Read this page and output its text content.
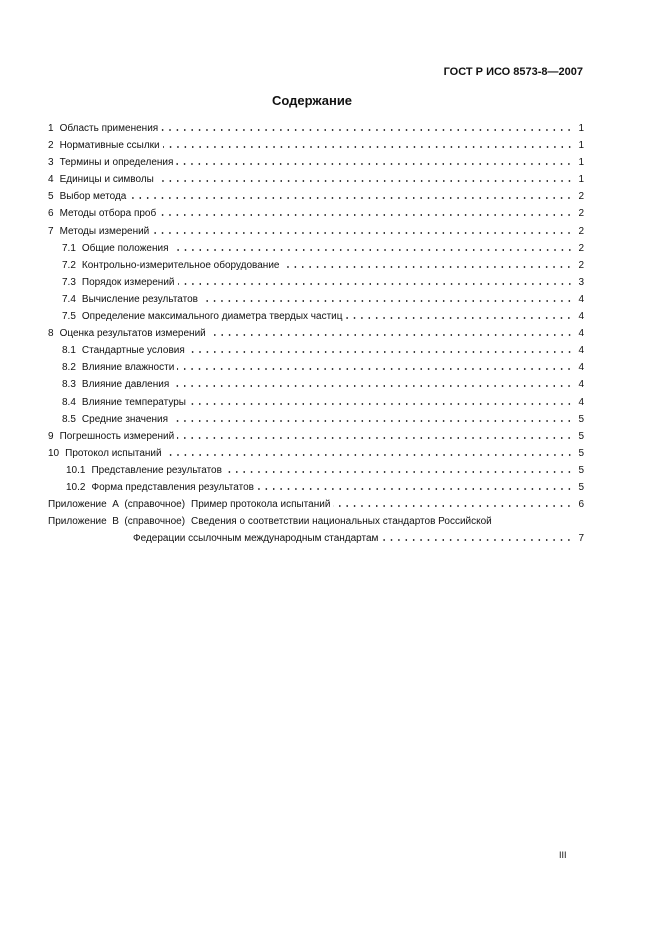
ГОСТ Р ИСО 8573-8—2007
Содержание
1 Область применения	1
2 Нормативные ссылки	1
3 Термины и определения	1
4 Единицы и символы	1
5 Выбор метода	2
6 Методы отбора проб	2
7 Методы измерений	2
7.1 Общие положения	2
7.2 Контрольно-измерительное оборудование	2
7.3 Порядок измерений	3
7.4 Вычисление результатов	4
7.5 Определение максимального диаметра твердых частиц	4
8 Оценка результатов измерений	4
8.1 Стандартные условия	4
8.2 Влияние влажности	4
8.3 Влияние давления	4
8.4 Влияние температуры	4
8.5 Средние значения	5
9 Погрешность измерений	5
10 Протокол испытаний	5
10.1 Представление результатов	5
10.2 Форма представления результатов	5
Приложение  А  (справочное) Пример протокола испытаний	6
Приложение  В  (справочное) Сведения о соответствии национальных стандартов Российской
Федерации ссылочным международным стандартам	7
III
